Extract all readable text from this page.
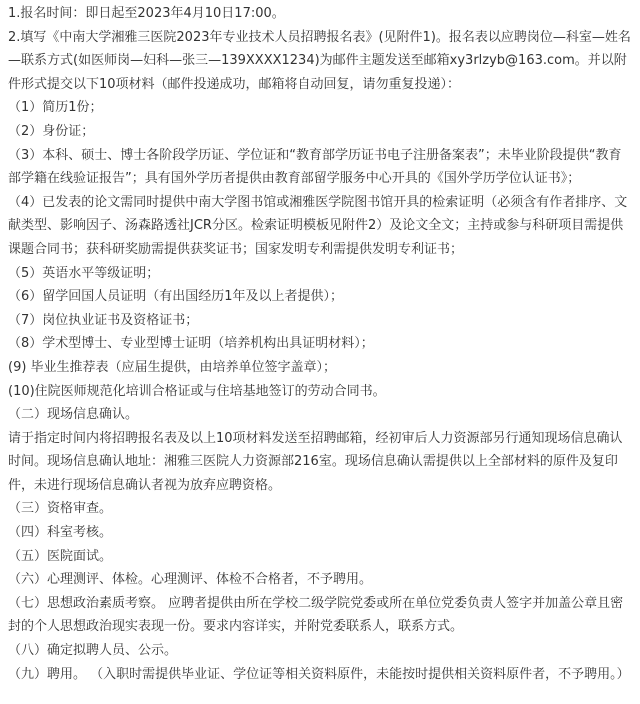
1.报名时间：即日起至2023年4月10日17:00。

2.填写《中南大学湘雅三医院2023年专业技术人员招聘报名表》(见附件1)。报名表以应聘岗位—科室—姓名—联系方式(如医师岗—妇科—张三—139XXXX1234)为邮件主题发送至邮箱xy3rlzyb@163.com。并以附件形式提交以下10项材料（邮件投递成功，邮箱将自动回复，请勿重复投递）：

（1）简历1份；

（2）身份证；

（3）本科、硕士、博士各阶段学历证、学位证和“教育部学历证书电子注册备案表”；未毕业阶段提供“教育部学籍在线验证报告”；具有国外学历者提供由教育部留学服务中心开具的《国外学历学位认证书》；

（4）已发表的论文需同时提供中南大学图书馆或湘雅医学院图书馆开具的检索证明（必须含有作者排序、文献类型、影响因子、汤森路透社JCR分区。检索证明模板见附件2）及论文全文；主持或参与科研项目需提供课题合同书；获科研奖励需提供获奖证书；国家发明专利需提供发明专利证书；

（5）英语水平等级证明；

（6）留学回国人员证明（有出国经历1年及以上者提供）；

（7）岗位执业证书及资格证书；

（8）学术型博士、专业型博士证明（培养机构出具证明材料）；

(9) 毕业生推荐表（应届生提供，由培养单位签字盖章）；

(10)住院医师规范化培训合格证或与住培基地签订的劳动合同书。

（二）现场信息确认。

请于指定时间内将招聘报名表及以上10项材料发送至招聘邮箱，经初审后人力资源部另行通知现场信息确认时间。现场信息确认地址：湘雅三医院人力资源部216室。现场信息确认需提供以上全部材料的原件及复印件，未进行现场信息确认者视为放弃应聘资格。

（三）资格审查。

（四）科室考核。

（五）医院面试。

（六）心理测评、体检。心理测评、体检不合格者，不予聘用。

（七）思想政治素质考察。 应聘者提供由所在学校二级学院党委或所在单位党委负责人签字并加盖公章且密封的个人思想政治现实表现一份。要求内容详实，并附党委联系人，联系方式。

（八）确定拟聘人员、公示。

（九）聘用。 （入职时需提供毕业证、学位证等相关资料原件，未能按时提供相关资料原件者，不予聘用。）
